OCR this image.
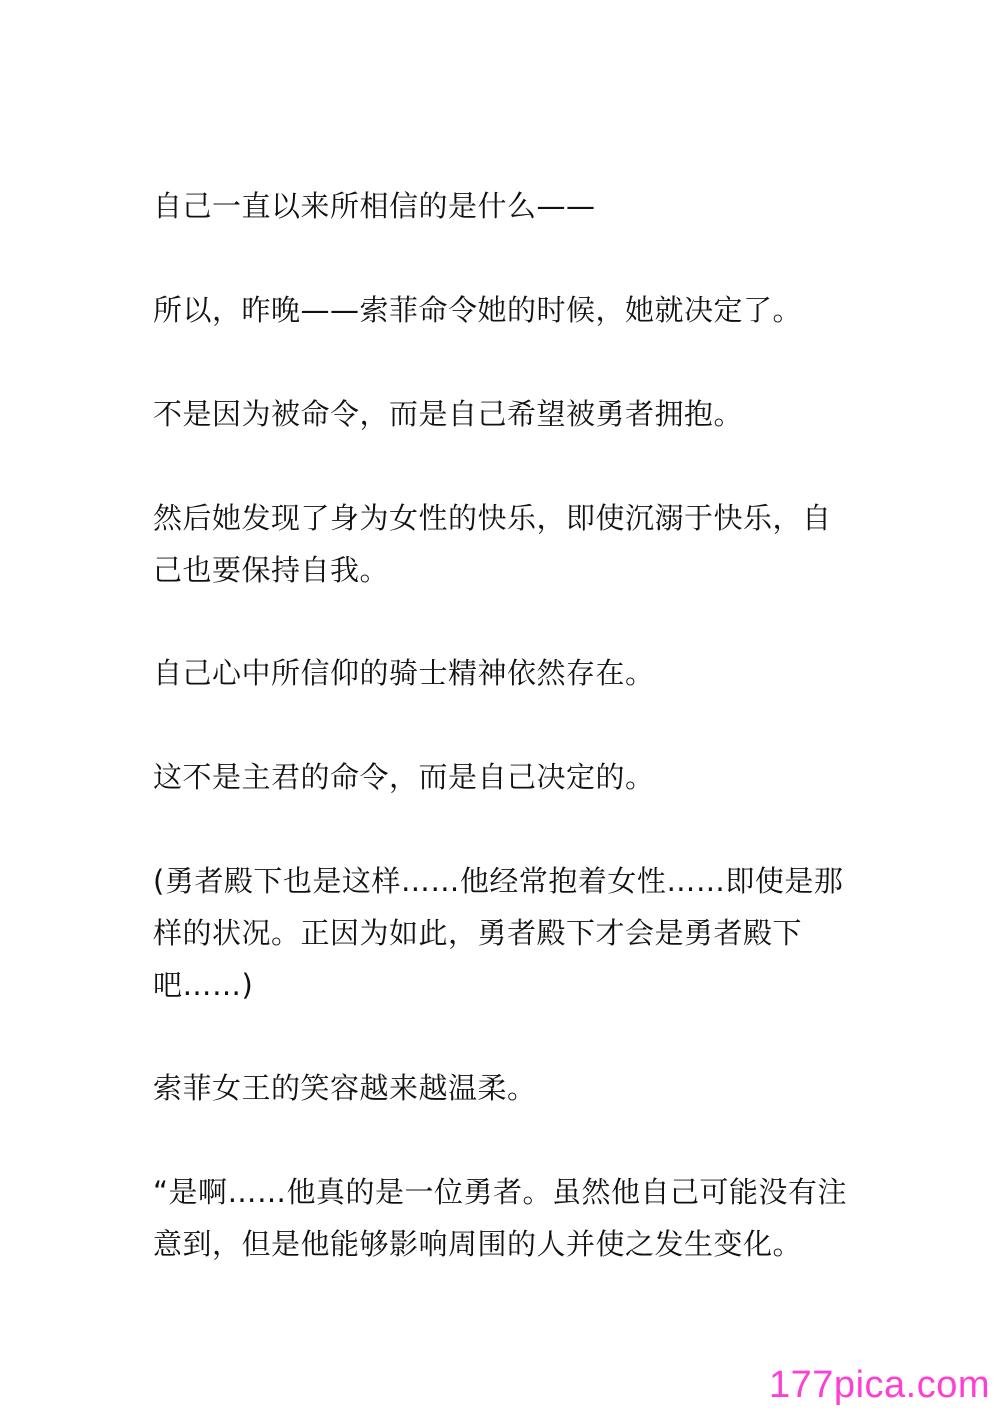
自己一直以来所相信的是什么——

所以，昨晚——索菲命令她的时候，她就决定了。

不是因为被命令，而是自己希望被勇者拥抱。

然后她发现了身为女性的快乐，即使沉溺于快乐，自己也要保持自我。

自己心中所信仰的骑士精神依然存在。

这不是主君的命令，而是自己决定的。

(勇者殿下也是这样……他经常抱着女性……即使是那样的状况。正因为如此，勇者殿下才会是勇者殿下吧……)

索菲女王的笑容越来越温柔。

“是啊……他真的是一位勇者。虽然他自己可能没有注意到，但是他能够影响周围的人并使之发生变化。

177pica.com
